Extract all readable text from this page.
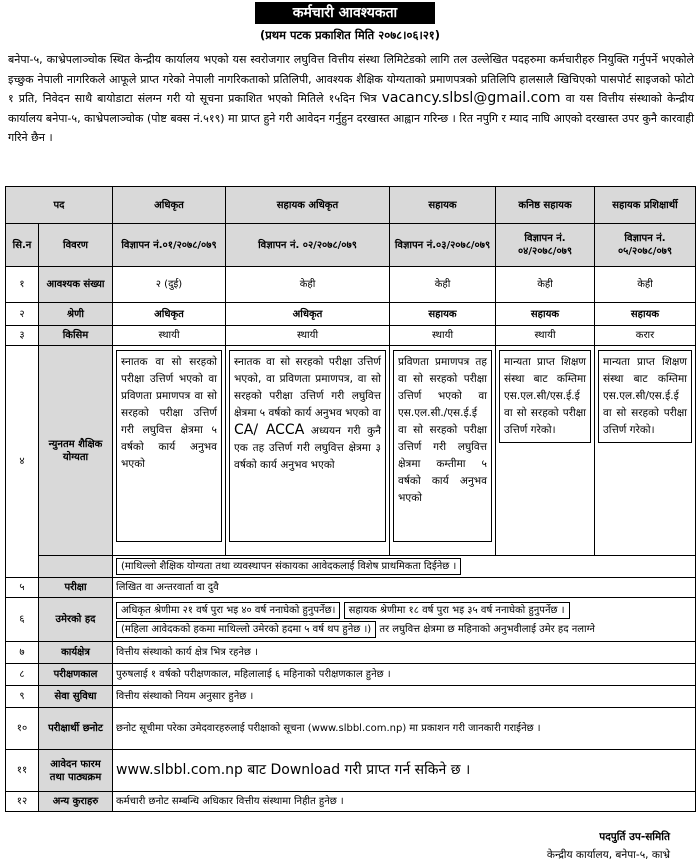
कर्मचारी आवश्यकता
(प्रथम पटक प्रकाशित मिति २०७८।०६।२१)
बनेपा-५, काभ्रेपलाञ्चोक स्थित केन्द्रीय कार्यालय भएको यस स्वरोजगार लघुवित्त वित्तीय संस्था लिमिटेडको लागि तल उल्लेखित पदहरुमा कर्मचारीहरु नियुक्ति गर्नुपर्ने भएकोले इच्छुक नेपाली नागरिकले आफूले प्राप्त गरेको नेपाली नागरिकताको प्रतिलिपी, आवश्यक शैक्षिक योग्यताको प्रमाणपत्रको प्रतिलिपि हालसालै खिचिएको पासपोर्ट साइजको फोटो १ प्रति, निवेदन साथै बायोडाटा संलग्न गरी यो सूचना प्रकाशित भएको मितिले १५दिन भित्र vacancy.slbsl@gmail.com वा यस वित्तीय संस्थाको केन्द्रीय कार्यालय बनेपा-५, काभ्रेपलाञ्चोक (पोष्ट बक्स नं.५१९) मा प्राप्त हुने गरी आवेदन गर्नुहुन दरखास्त आह्वान गरिन्छ । रित नपुगि र म्याद नाघि आएको दरखास्त उपर कुनै कारवाही गरिने छैन ।
पद		अधिकृत	सहायक अधिकृत	सहायक	कनिष्ठ सहायक	सहायक प्रशिक्षार्थी
सि.न	विवरण	विज्ञापन नं.०१/२०७८/०७९	विज्ञापन नं. ०२/२०७८/०७९	विज्ञापन नं.०३/२०७८/०७९	विज्ञापन नं. ०४/२०७८/०७९	विज्ञापन नं. ०५/२०७८/०७९
१	आवश्यक संख्या	२ (दुई)	केही	केही	केही	केही
२	श्रेणी	अधिकृत	अधिकृत	सहायक	सहायक	सहायक
३	किसिम	स्थायी	स्थायी	स्थायी	स्थायी	करार
४	न्युनतम शैक्षिक योग्यता	स्नातक वा सो सरहको परीक्षा उत्तिर्ण भएको वा प्रविणता प्रमाणपत्र वा सो सरहको परीक्षा उत्तिर्ण गरी लघुवित्त क्षेत्रमा ५ वर्षको कार्य अनुभव भएको	स्नातक वा सो सरहको परीक्षा उत्तिर्ण भएको, वा प्रविणता प्रमाणपत्र, वा सो सरहको परीक्षा उत्तिर्ण गरी लघुवित्त क्षेत्रमा ५ वर्षको कार्य अनुभव भएको वा CA/ ACCA अध्ययन गरी कुनै एक तह उत्तिर्ण गरी लघुवित्त क्षेत्रमा ३ वर्षको कार्य अनुभव भएको	प्रविणता प्रमाणपत्र तह वा सो सरहको परीक्षा उत्तिर्ण भएको वा एस.एल.सी./एस.ई.ई वा सो सरहको परीक्षा उत्तिर्ण गरी लघुवित्त क्षेत्रमा कम्तीमा ५ वर्षको कार्य अनुभव भएको	मान्यता प्राप्त शिक्षण संस्था बाट कम्तिमा एस.एल.सी/एस.ई.ई वा सो सरहको परीक्षा उत्तिर्ण गरेको।	मान्यता प्राप्त शिक्षण संस्था बाट कम्तिमा एस.एल.सी/एस.ई.ई वा सो सरहको परीक्षा उत्तिर्ण गरेको।

		(माथिल्लो शैक्षिक योग्यता तथा व्यवस्थापन संकायका आवेदकलाई विशेष प्राथमिकता दिईनेछ ।				
५	परीक्षा	लिखित वा अन्तरवार्ता वा दुवै				
६	उमेरको हद	अधिकृत श्रेणीमा २१ वर्ष पुरा भइ ४० वर्ष ननाघेको हुनुपर्नेछ। सहायक श्रेणीमा १८ वर्ष पुरा भइ ३५ वर्ष ननाघेको हुनुपर्नेछ ।
(महिला आवेदकको हकमा माथिल्लो उमेरको हदमा ५ वर्ष थप हुनेछ ।) तर लघुवित्त क्षेत्रमा छ महिनाको अनुभवीलाई उमेर हद नलाग्ने				
७	कार्यक्षेत्र	वित्तीय संस्थाको कार्य क्षेत्र भित्र रहनेछ ।				
८	परीक्षणकाल	पुरुषलाई १ वर्षको परीक्षणकाल, महिलालाई ६ महिनाको परीक्षणकाल हुनेछ ।				
९	सेवा सुविधा	वित्तीय संस्थाको नियम अनुसार हुनेछ ।				
१०	परीक्षार्थी छनोट	छनोट सूचीमा परेका उमेदवारहरुलाई परीक्षाको सूचना (www.slbbl.com.np) मा प्रकाशन गरी जानकारी गराईनेछ ।				
११	आवेदन फारम तथा पाठ्यक्रम	www.slbbl.com.np बाट Download गरी प्राप्त गर्न सकिने छ ।				
१२	अन्य कुराहरु	कर्मचारी छनोट सम्बन्धि अधिकार वित्तीय संस्थामा निहीत हुनेछ ।				
पदपुर्ति उप-समिति
केन्द्रीय कार्यालय, बनेपा-५, काभ्रे
